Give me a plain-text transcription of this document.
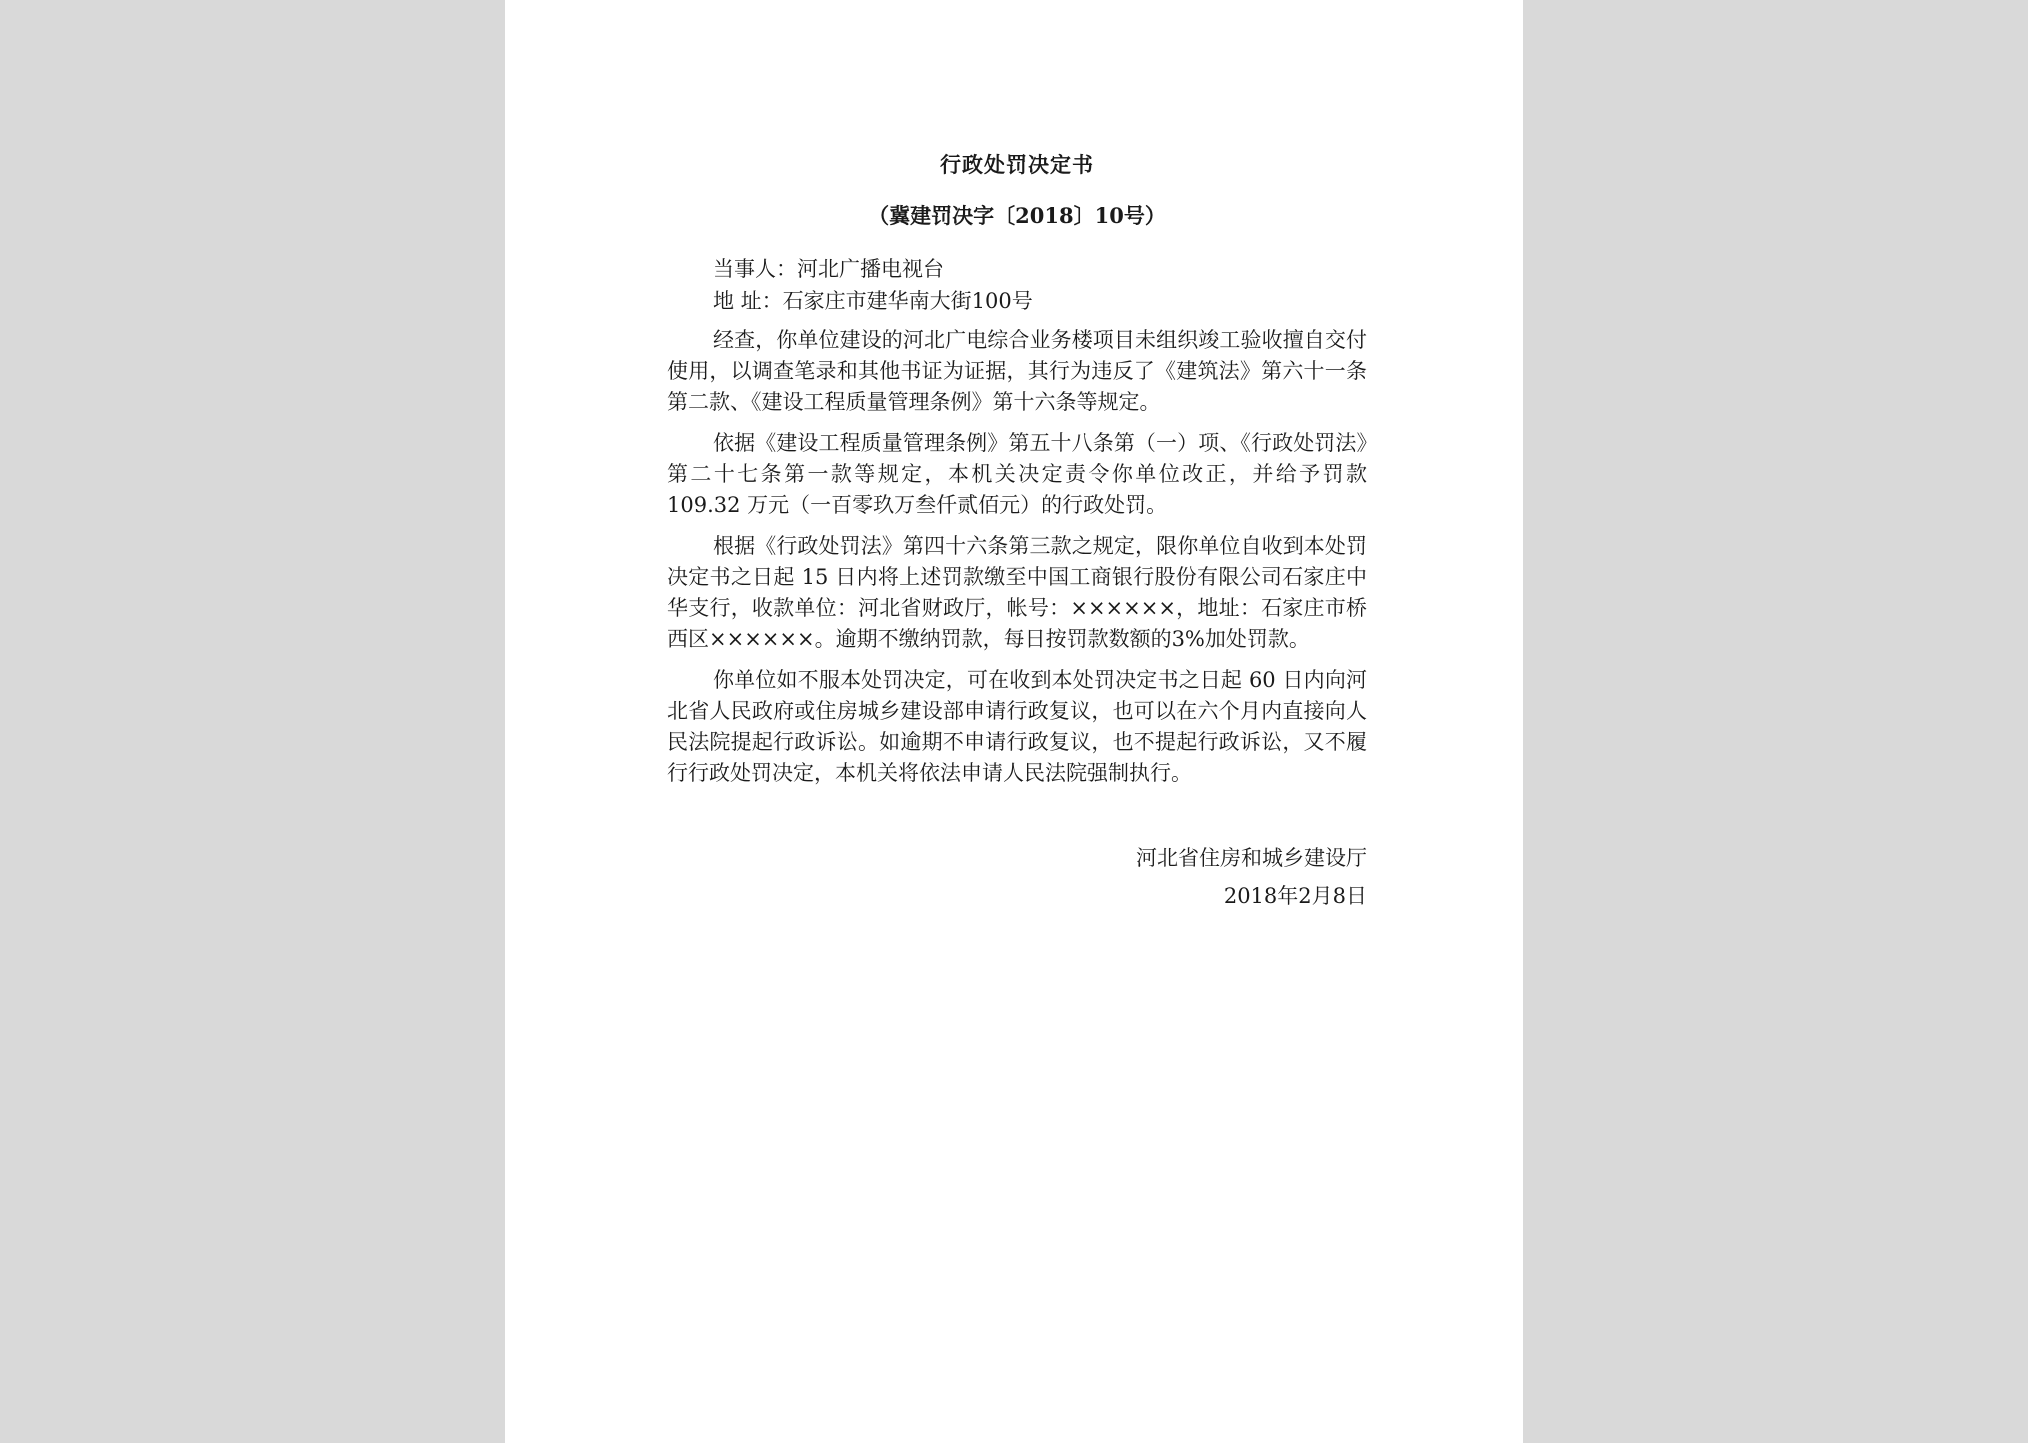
行政处罚决定书

（冀建罚决字〔2018〕10号）

当事人：河北广播电视台

地 址：石家庄市建华南大街100号

经查，你单位建设的河北广电综合业务楼项目未组织竣工验收擅自交付使用，以调查笔录和其他书证为证据，其行为违反了《建筑法》第六十一条第二款、《建设工程质量管理条例》第十六条等规定。

依据《建设工程质量管理条例》第五十八条第（一）项、《行政处罚法》第二十七条第一款等规定，本机关决定责令你单位改正，并给予罚款 109.32 万元（一百零玖万叁仟贰佰元）的行政处罚。

根据《行政处罚法》第四十六条第三款之规定，限你单位自收到本处罚决定书之日起 15 日内将上述罚款缴至中国工商银行股份有限公司石家庄中华支行，收款单位：河北省财政厅，帐号：××××××，地址：石家庄市桥西区××××××。逾期不缴纳罚款，每日按罚款数额的3%加处罚款。

你单位如不服本处罚决定，可在收到本处罚决定书之日起 60 日内向河北省人民政府或住房城乡建设部申请行政复议，也可以在六个月内直接向人民法院提起行政诉讼。如逾期不申请行政复议，也不提起行政诉讼，又不履行行政处罚决定，本机关将依法申请人民法院强制执行。

河北省住房和城乡建设厅

2018年2月8日
